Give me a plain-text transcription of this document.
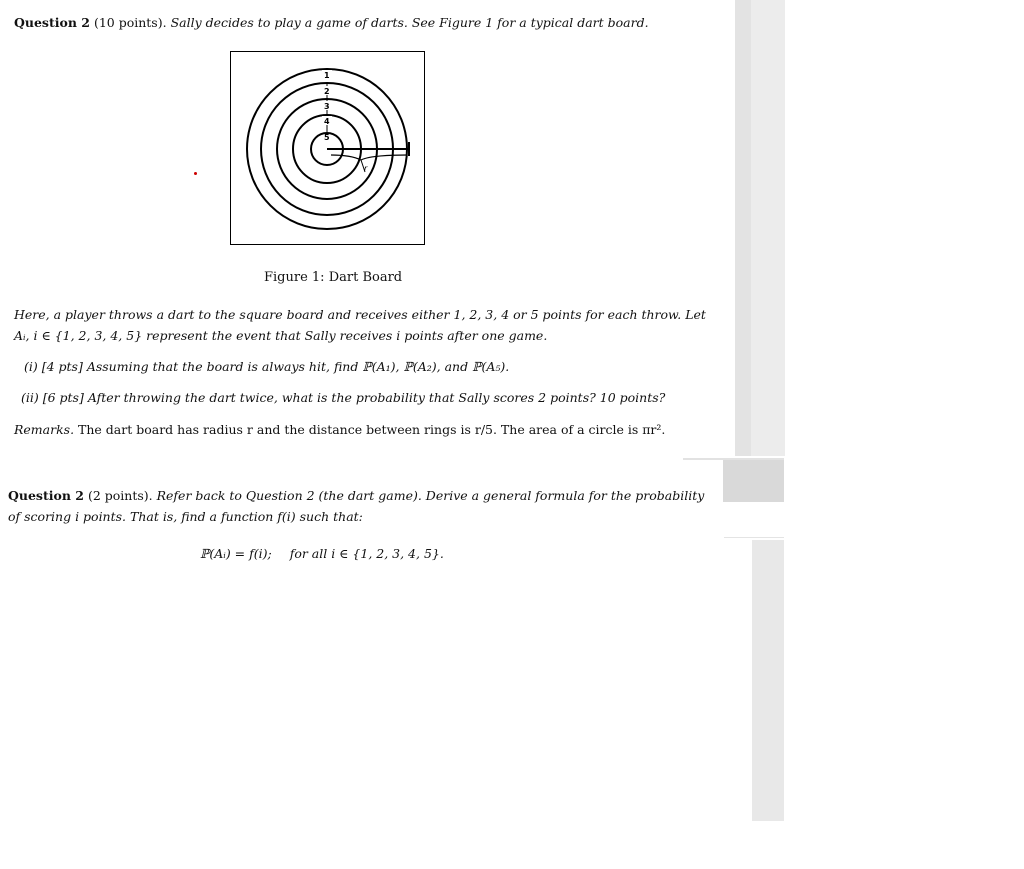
Question 2 (10 points). Sally decides to play a game of darts. See Figure 1 for a typical dart board.
1
2
3
4
5
r
Figure 1: Dart Board
Here, a player throws a dart to the square board and receives either 1, 2, 3, 4 or 5 points for each throw. Let
Aᵢ, i ∈ {1, 2, 3, 4, 5} represent the event that Sally receives i points after one game.
(i) [4 pts] Assuming that the board is always hit, find ℙ(A₁), ℙ(A₂), and ℙ(A₅).
(ii) [6 pts] After throwing the dart twice, what is the probability that Sally scores 2 points? 10 points?
Remarks. The dart board has radius r and the distance between rings is r/5. The area of a circle is πr².
Question 2 (2 points). Refer back to Question 2 (the dart game). Derive a general formula for the probability
of scoring i points. That is, find a function f(i) such that:
ℙ(Aᵢ) = f(i); for all i ∈ {1, 2, 3, 4, 5}.
